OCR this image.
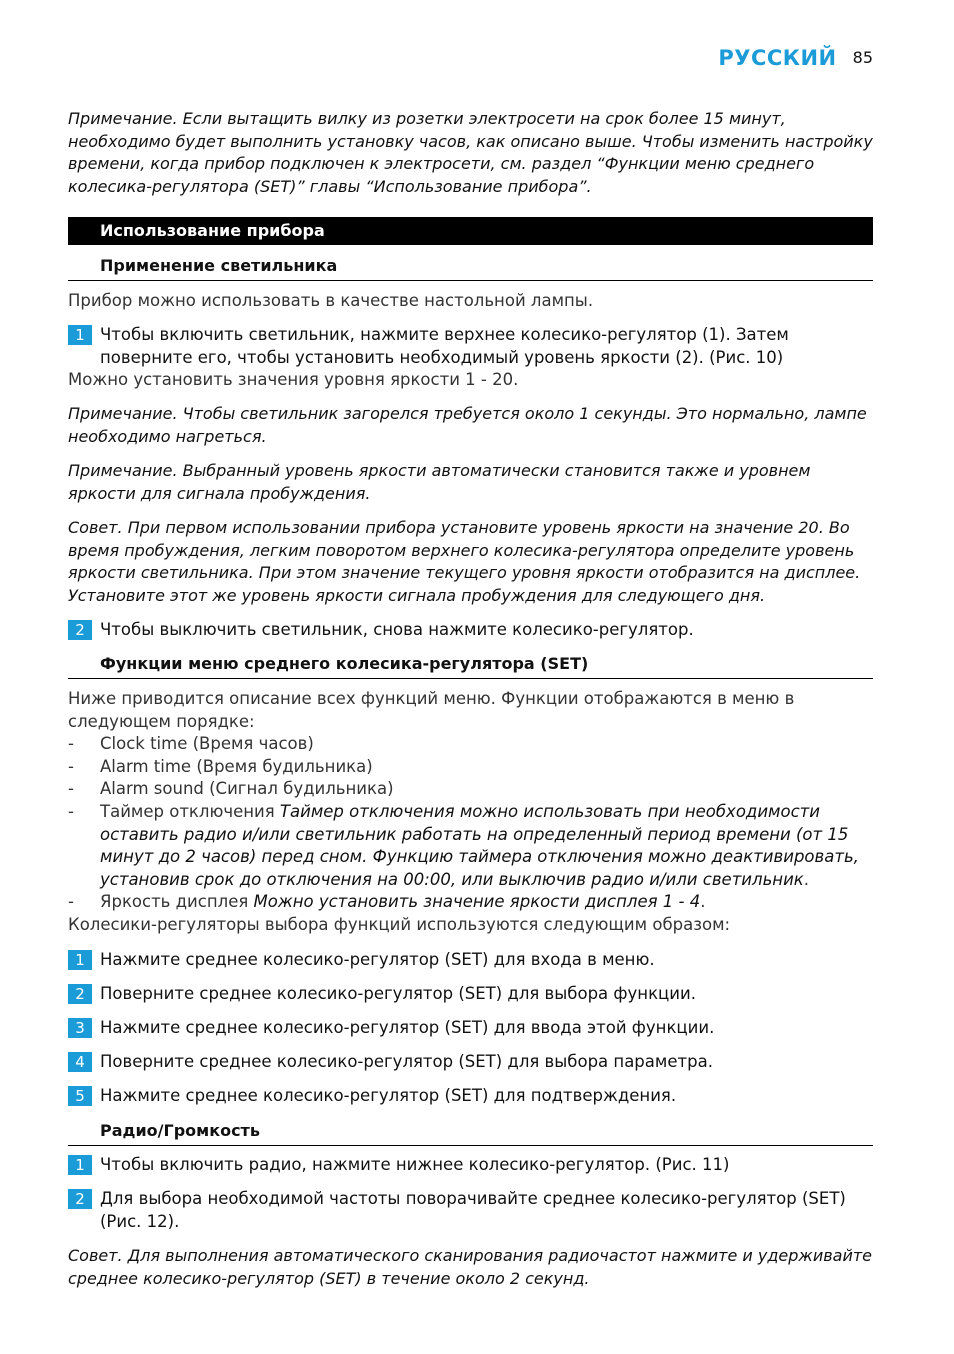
РУССКИЙ 85
Примечание. Если вытащить вилку из розетки электросети на срок более 15 минут, необходимо будет выполнить установку часов, как описано выше. Чтобы изменить настройку времени, когда прибор подключен к электросети, см. раздел “Функции меню среднего колесика-регулятора (SET)” главы “Использование прибора”.
Использование прибора
Применение светильника
Прибор можно использовать в качестве настольной лампы.
1 Чтобы включить светильник, нажмите верхнее колесико-регулятор (1). Затем поверните его, чтобы установить необходимый уровень яркости (2). (Рис. 10)
Можно установить значения уровня яркости 1 - 20.
Примечание. Чтобы светильник загорелся требуется около 1 секунды. Это нормально, лампе необходимо нагреться.
Примечание. Выбранный уровень яркости автоматически становится также и уровнем яркости для сигнала пробуждения.
Совет. При первом использовании прибора установите уровень яркости на значение 20. Во время пробуждения, легким поворотом верхнего колесика-регулятора определите уровень яркости светильника. При этом значение текущего уровня яркости отобразится на дисплее. Установите этот же уровень яркости сигнала пробуждения для следующего дня.
2 Чтобы выключить светильник, снова нажмите колесико-регулятор.
Функции меню среднего колесика-регулятора (SET)
Ниже приводится описание всех функций меню. Функции отображаются в меню в следующем порядке:
- Clock time (Время часов)
- Alarm time (Время будильника)
- Alarm sound (Сигнал будильника)
- Таймер отключения Таймер отключения можно использовать при необходимости оставить радио и/или светильник работать на определенный период времени (от 15 минут до 2 часов) перед сном. Функцию таймера отключения можно деактивировать, установив срок до отключения на 00:00, или выключив радио и/или светильник.
- Яркость дисплея Можно установить значение яркости дисплея 1 - 4.
Колесики-регуляторы выбора функций используются следующим образом:
1 Нажмите среднее колесико-регулятор (SET) для входа в меню.
2 Поверните среднее колесико-регулятор (SET) для выбора функции.
3 Нажмите среднее колесико-регулятор (SET) для ввода этой функции.
4 Поверните среднее колесико-регулятор (SET) для выбора параметра.
5 Нажмите среднее колесико-регулятор (SET) для подтверждения.
Радио/Громкость
1 Чтобы включить радио, нажмите нижнее колесико-регулятор. (Рис. 11)
2 Для выбора необходимой частоты поворачивайте среднее колесико-регулятор (SET) (Рис. 12).
Совет. Для выполнения автоматического сканирования радиочастот нажмите и удерживайте среднее колесико-регулятор (SET) в течение около 2 секунд.
